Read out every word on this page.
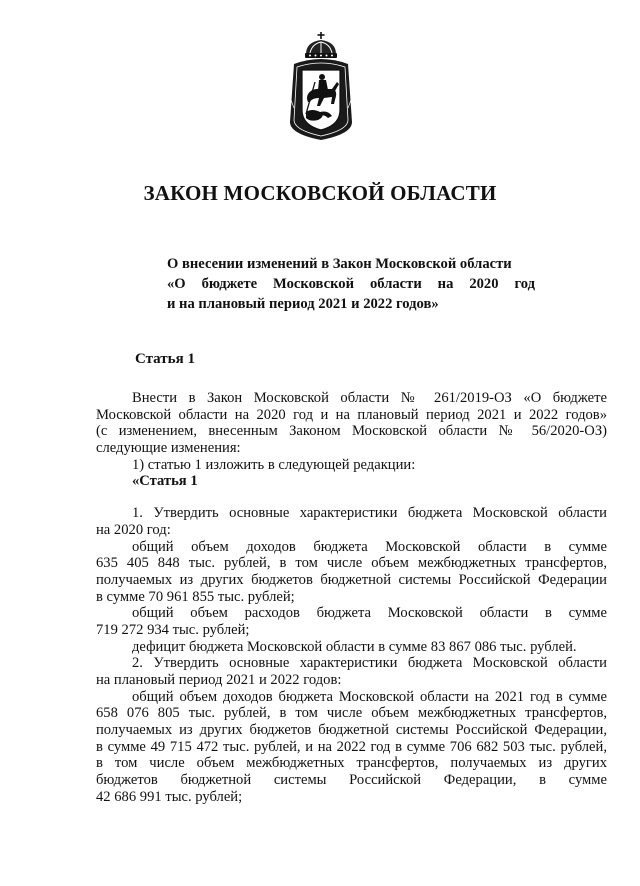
ЗАКОН МОСКОВСКОЙ ОБЛАСТИ
О внесении изменений в Закон Московской области
«О бюджете Московской области на 2020 год
и на плановый период 2021 и 2022 годов»
Статья 1
Внести в Закон Московской области № 261/2019-ОЗ «О бюджете
Московской области на 2020 год и на плановый период 2021 и 2022 годов»
(с изменением, внесенным Законом Московской области № 56/2020-ОЗ)
следующие изменения:
1) статью 1 изложить в следующей редакции:
«Статья 1
1. Утвердить основные характеристики бюджета Московской области
на 2020 год:
общий объем доходов бюджета Московской области в сумме
635 405 848 тыс. рублей, в том числе объем межбюджетных трансфертов,
получаемых из других бюджетов бюджетной системы Российской Федерации
в сумме 70 961 855 тыс. рублей;
общий объем расходов бюджета Московской области в сумме
719 272 934 тыс. рублей;
дефицит бюджета Московской области в сумме 83 867 086 тыс. рублей.
2. Утвердить основные характеристики бюджета Московской области
на плановый период 2021 и 2022 годов:
общий объем доходов бюджета Московской области на 2021 год в сумме
658 076 805 тыс. рублей, в том числе объем межбюджетных трансфертов,
получаемых из других бюджетов бюджетной системы Российской Федерации,
в сумме 49 715 472 тыс. рублей, и на 2022 год в сумме 706 682 503 тыс. рублей,
в том числе объем межбюджетных трансфертов, получаемых из других
бюджетов бюджетной системы Российской Федерации, в сумме
42 686 991 тыс. рублей;
